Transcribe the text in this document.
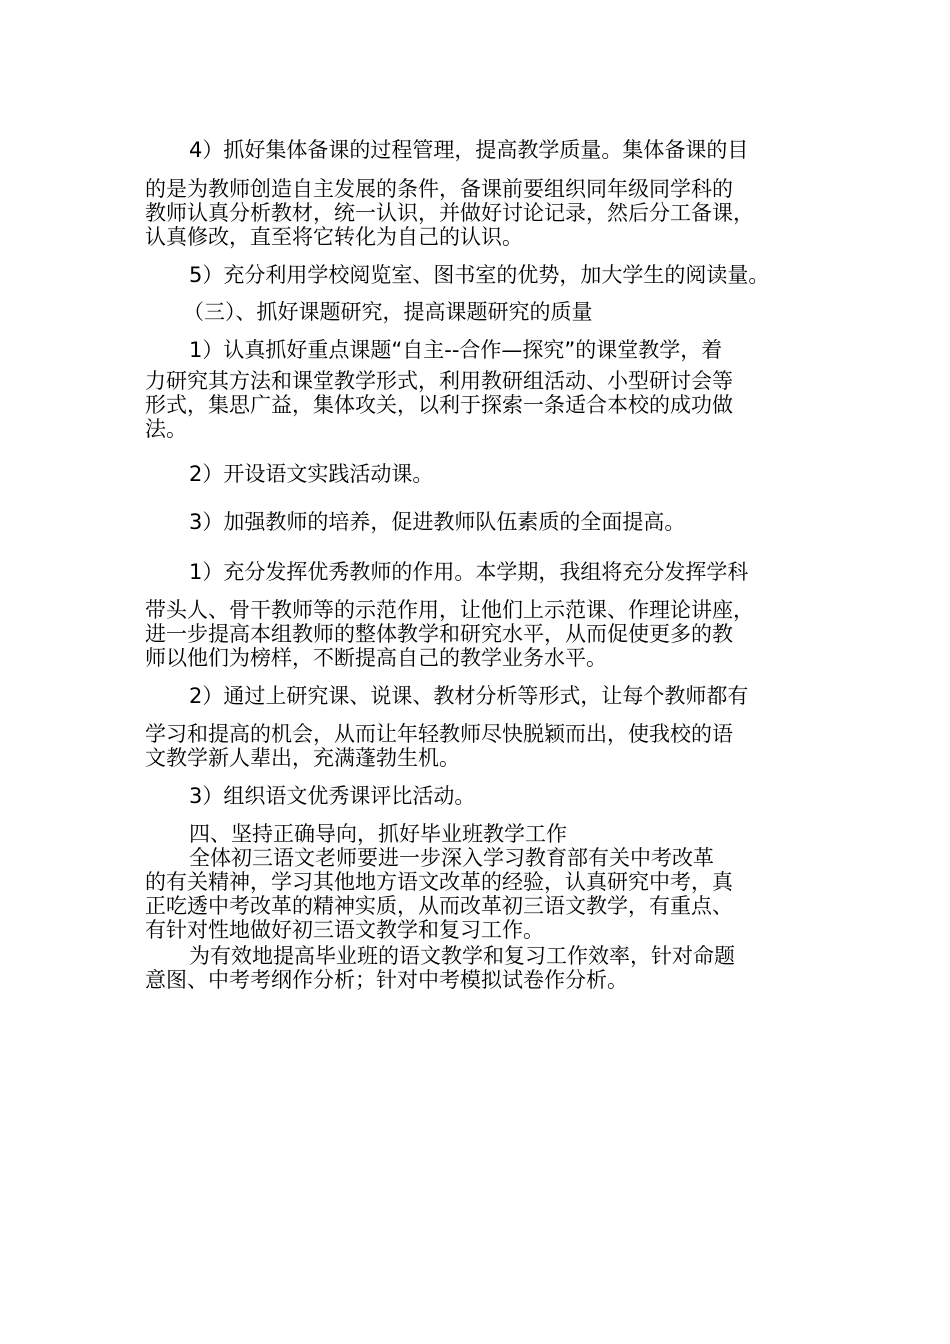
4）抓好集体备课的过程管理，提高教学质量。集体备课的目
的是为教师创造自主发展的条件，备课前要组织同年级同学科的
教师认真分析教材，统一认识，并做好讨论记录，然后分工备课，
认真修改，直至将它转化为自己的认识。
5）充分利用学校阅览室、图书室的优势，加大学生的阅读量。
（三）、抓好课题研究，提高课题研究的质量
1）认真抓好重点课题“自主--合作—探究”的课堂教学，着
力研究其方法和课堂教学形式，利用教研组活动、小型研讨会等
形式，集思广益，集体攻关，以利于探索一条适合本校的成功做
法。
2）开设语文实践活动课。
3）加强教师的培养，促进教师队伍素质的全面提高。
1）充分发挥优秀教师的作用。本学期，我组将充分发挥学科
带头人、骨干教师等的示范作用，让他们上示范课、作理论讲座，
进一步提高本组教师的整体教学和研究水平，从而促使更多的教
师以他们为榜样，不断提高自己的教学业务水平。
2）通过上研究课、说课、教材分析等形式，让每个教师都有
学习和提高的机会，从而让年轻教师尽快脱颖而出，使我校的语
文教学新人辈出，充满蓬勃生机。
3）组织语文优秀课评比活动。
四、坚持正确导向，抓好毕业班教学工作
全体初三语文老师要进一步深入学习教育部有关中考改革
的有关精神，学习其他地方语文改革的经验，认真研究中考，真
正吃透中考改革的精神实质，从而改革初三语文教学，有重点、
有针对性地做好初三语文教学和复习工作。
为有效地提高毕业班的语文教学和复习工作效率，针对命题
意图、中考考纲作分析；针对中考模拟试卷作分析。
